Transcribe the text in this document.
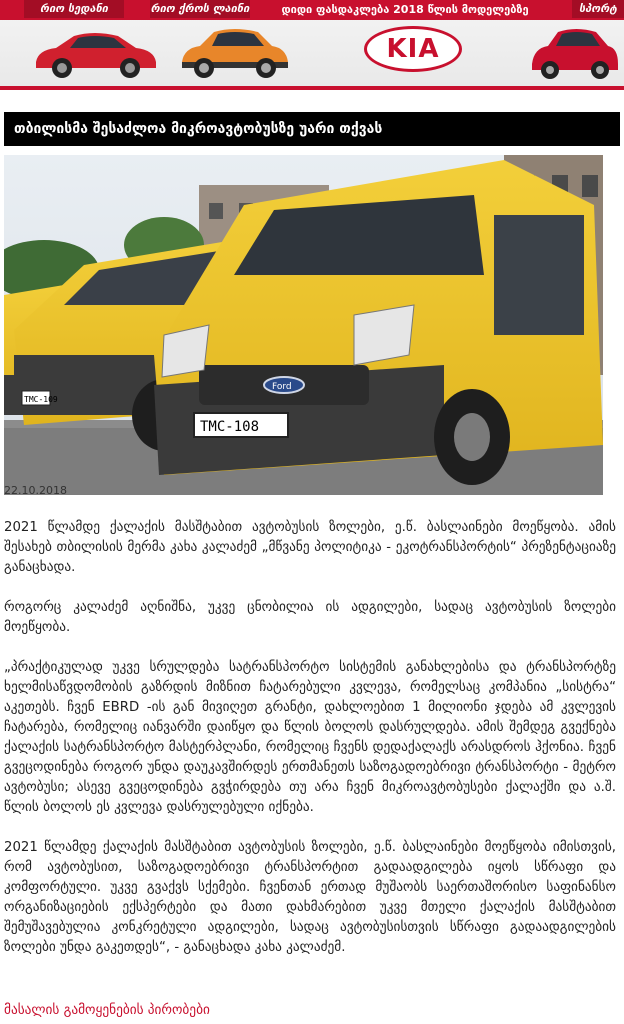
რიო სედანი	რიო ქროს ლაინი	დიდი ფასდაკლება 2018 წლის მოდელებზე	სპორტ
KIA
თბილისმა შესაძლოა მიკროავტობუსზე უარი თქვას
TMC-109
Ford
TMC-108
22.10.2018

2021 წლამდე ქალაქის მასშტაბით ავტობუსის ზოლები, ე.წ. ბასლაინები მოეწყობა. ამის შესახებ თბილისის მერმა კახა კალაძემ „მწვანე პოლიტიკა - ეკოტრანსპორტის“ პრეზენტაციაზე განაცხადა.

როგორც კალაძემ აღნიშნა, უკვე ცნობილია ის ადგილები, სადაც ავტობუსის ზოლები მოეწყობა.

„პრაქტიკულად უკვე სრულდება სატრანსპორტო სისტემის განახლებისა და ტრანსპორტზე ხელმისაწვდომობის გაზრდის მიზნით ჩატარებული კვლევა, რომელსაც კომპანია „სისტრა“ აკეთებს. ჩვენ EBRD -ის გან მივიღეთ გრანტი, დახლოებით 1 მილიონი ჯდება ამ კვლევის ჩატარება, რომელიც იანვარში დაიწყო და წლის ბოლოს დასრულდება. ამის შემდეგ გვექნება ქალაქის სატრანსპორტო მასტერპლანი, რომელიც ჩვენს დედაქალაქს არასდროს ჰქონია. ჩვენ გვეცოდინება როგორ უნდა დაუკავშირდეს ერთმანეთს საზოგადოებრივი ტრანსპორტი - მეტრო ავტობუსი; ასევე გვეცოდინება გვჭირდება თუ არა ჩვენ მიკროავტობუსები ქალაქში და ა.შ. წლის ბოლოს ეს კვლევა დასრულებული იქნება.

2021 წლამდე ქალაქის მასშტაბით ავტობუსის ზოლები, ე.წ. ბასლაინები მოეწყობა იმისთვის, რომ ავტობუსით, საზოგადოებრივი ტრანსპორტით გადაადგილება იყოს სწრაფი და კომფორტული. უკვე გვაქვს სქემები. ჩვენთან ერთად მუშაობს საერთაშორისო საფინანსო ორგანიზაციების ექსპერტები და მათი დახმარებით უკვე მთელი ქალაქის მასშტაბით შემუშავებულია კონკრეტული ადგილები, სადაც ავტობუსისთვის სწრაფი გადაადგილების ზოლები უნდა გაკეთდეს“, - განაცხადა კახა კალაძემ.

მასალის გამოყენების პირობები
